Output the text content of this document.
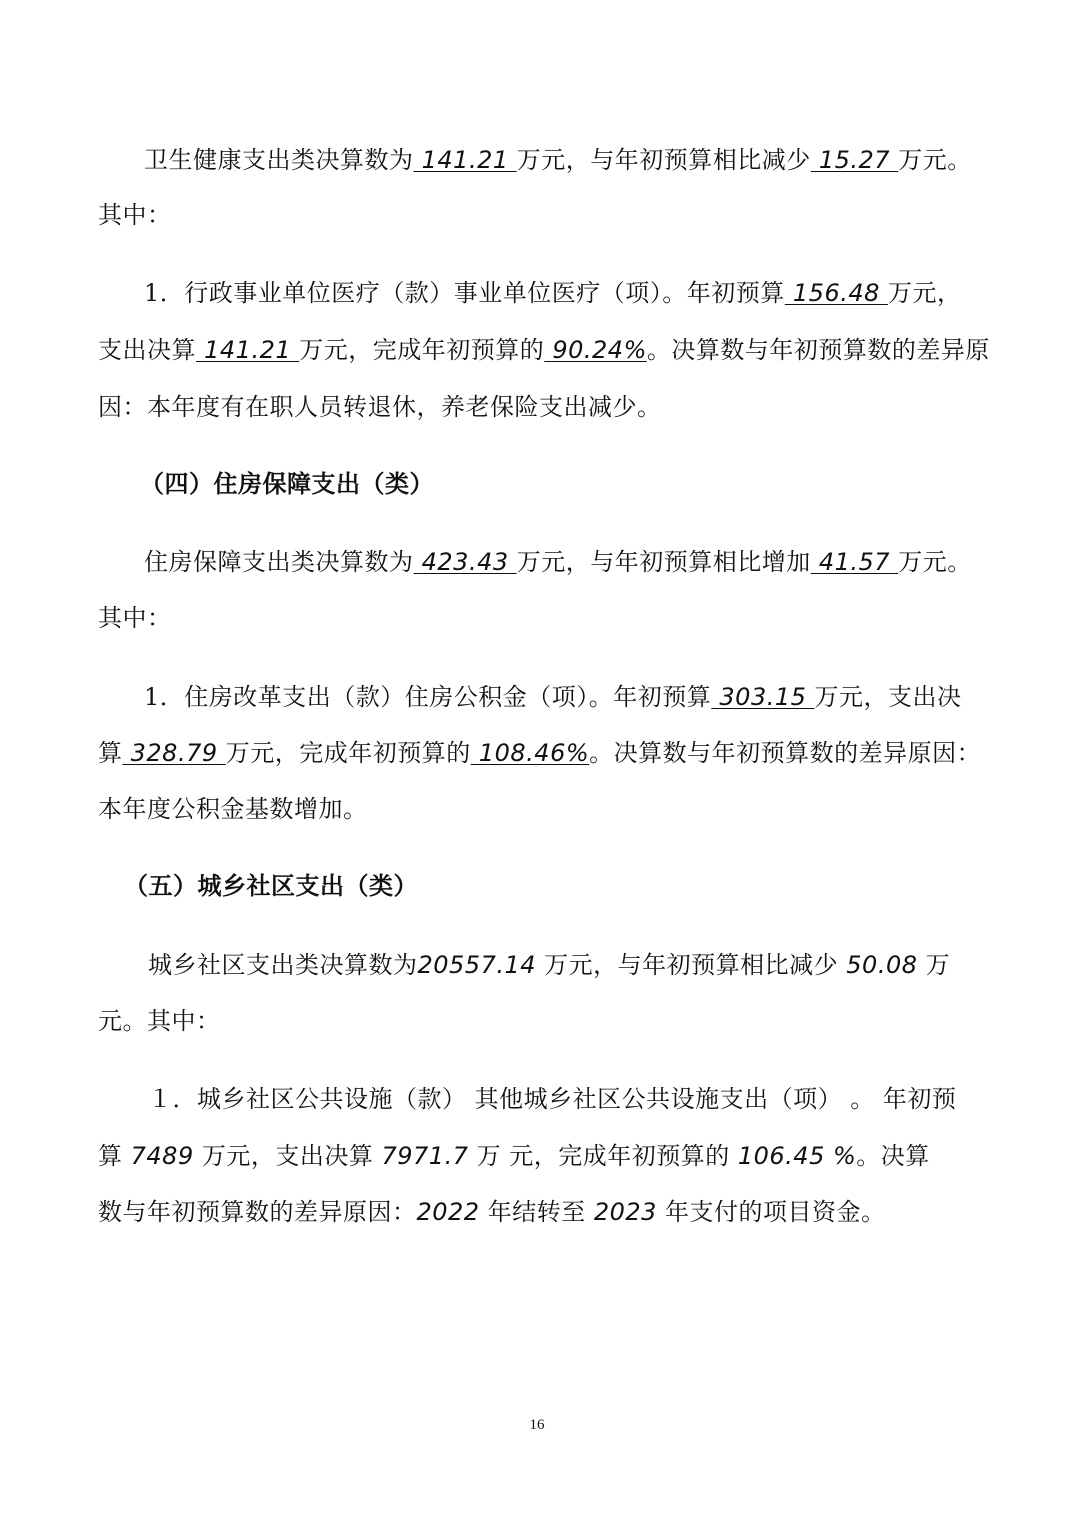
卫生健康支出类决算数为 141.21 万元，与年初预算相比减少 15.27 万元。
其中：
1．行政事业单位医疗（款）事业单位医疗（项）。年初预算 156.48 万元，
支出决算 141.21 万元，完成年初预算的 90.24%。决算数与年初预算数的差异原
因：本年度有在职人员转退休，养老保险支出减少。
（四）住房保障支出（类）
住房保障支出类决算数为 423.43 万元，与年初预算相比增加 41.57 万元。
其中：
1．住房改革支出（款）住房公积金（项）。年初预算 303.15 万元，支出决
算 328.79 万元，完成年初预算的 108.46%。决算数与年初预算数的差异原因：
本年度公积金基数增加。
（五）城乡社区支出（类）
城乡社区支出类决算数为20557.14 万元，与年初预算相比减少 50.08 万
元。其中：
１．城乡社区公共设施（款） 其他城乡社区公共设施支出（项） 。 年初预
算 7489 万元，支出决算 7971.7 万 元，完成年初预算的 106.45 %。决算
数与年初预算数的差异原因：2022 年结转至 2023 年支付的项目资金。
16
